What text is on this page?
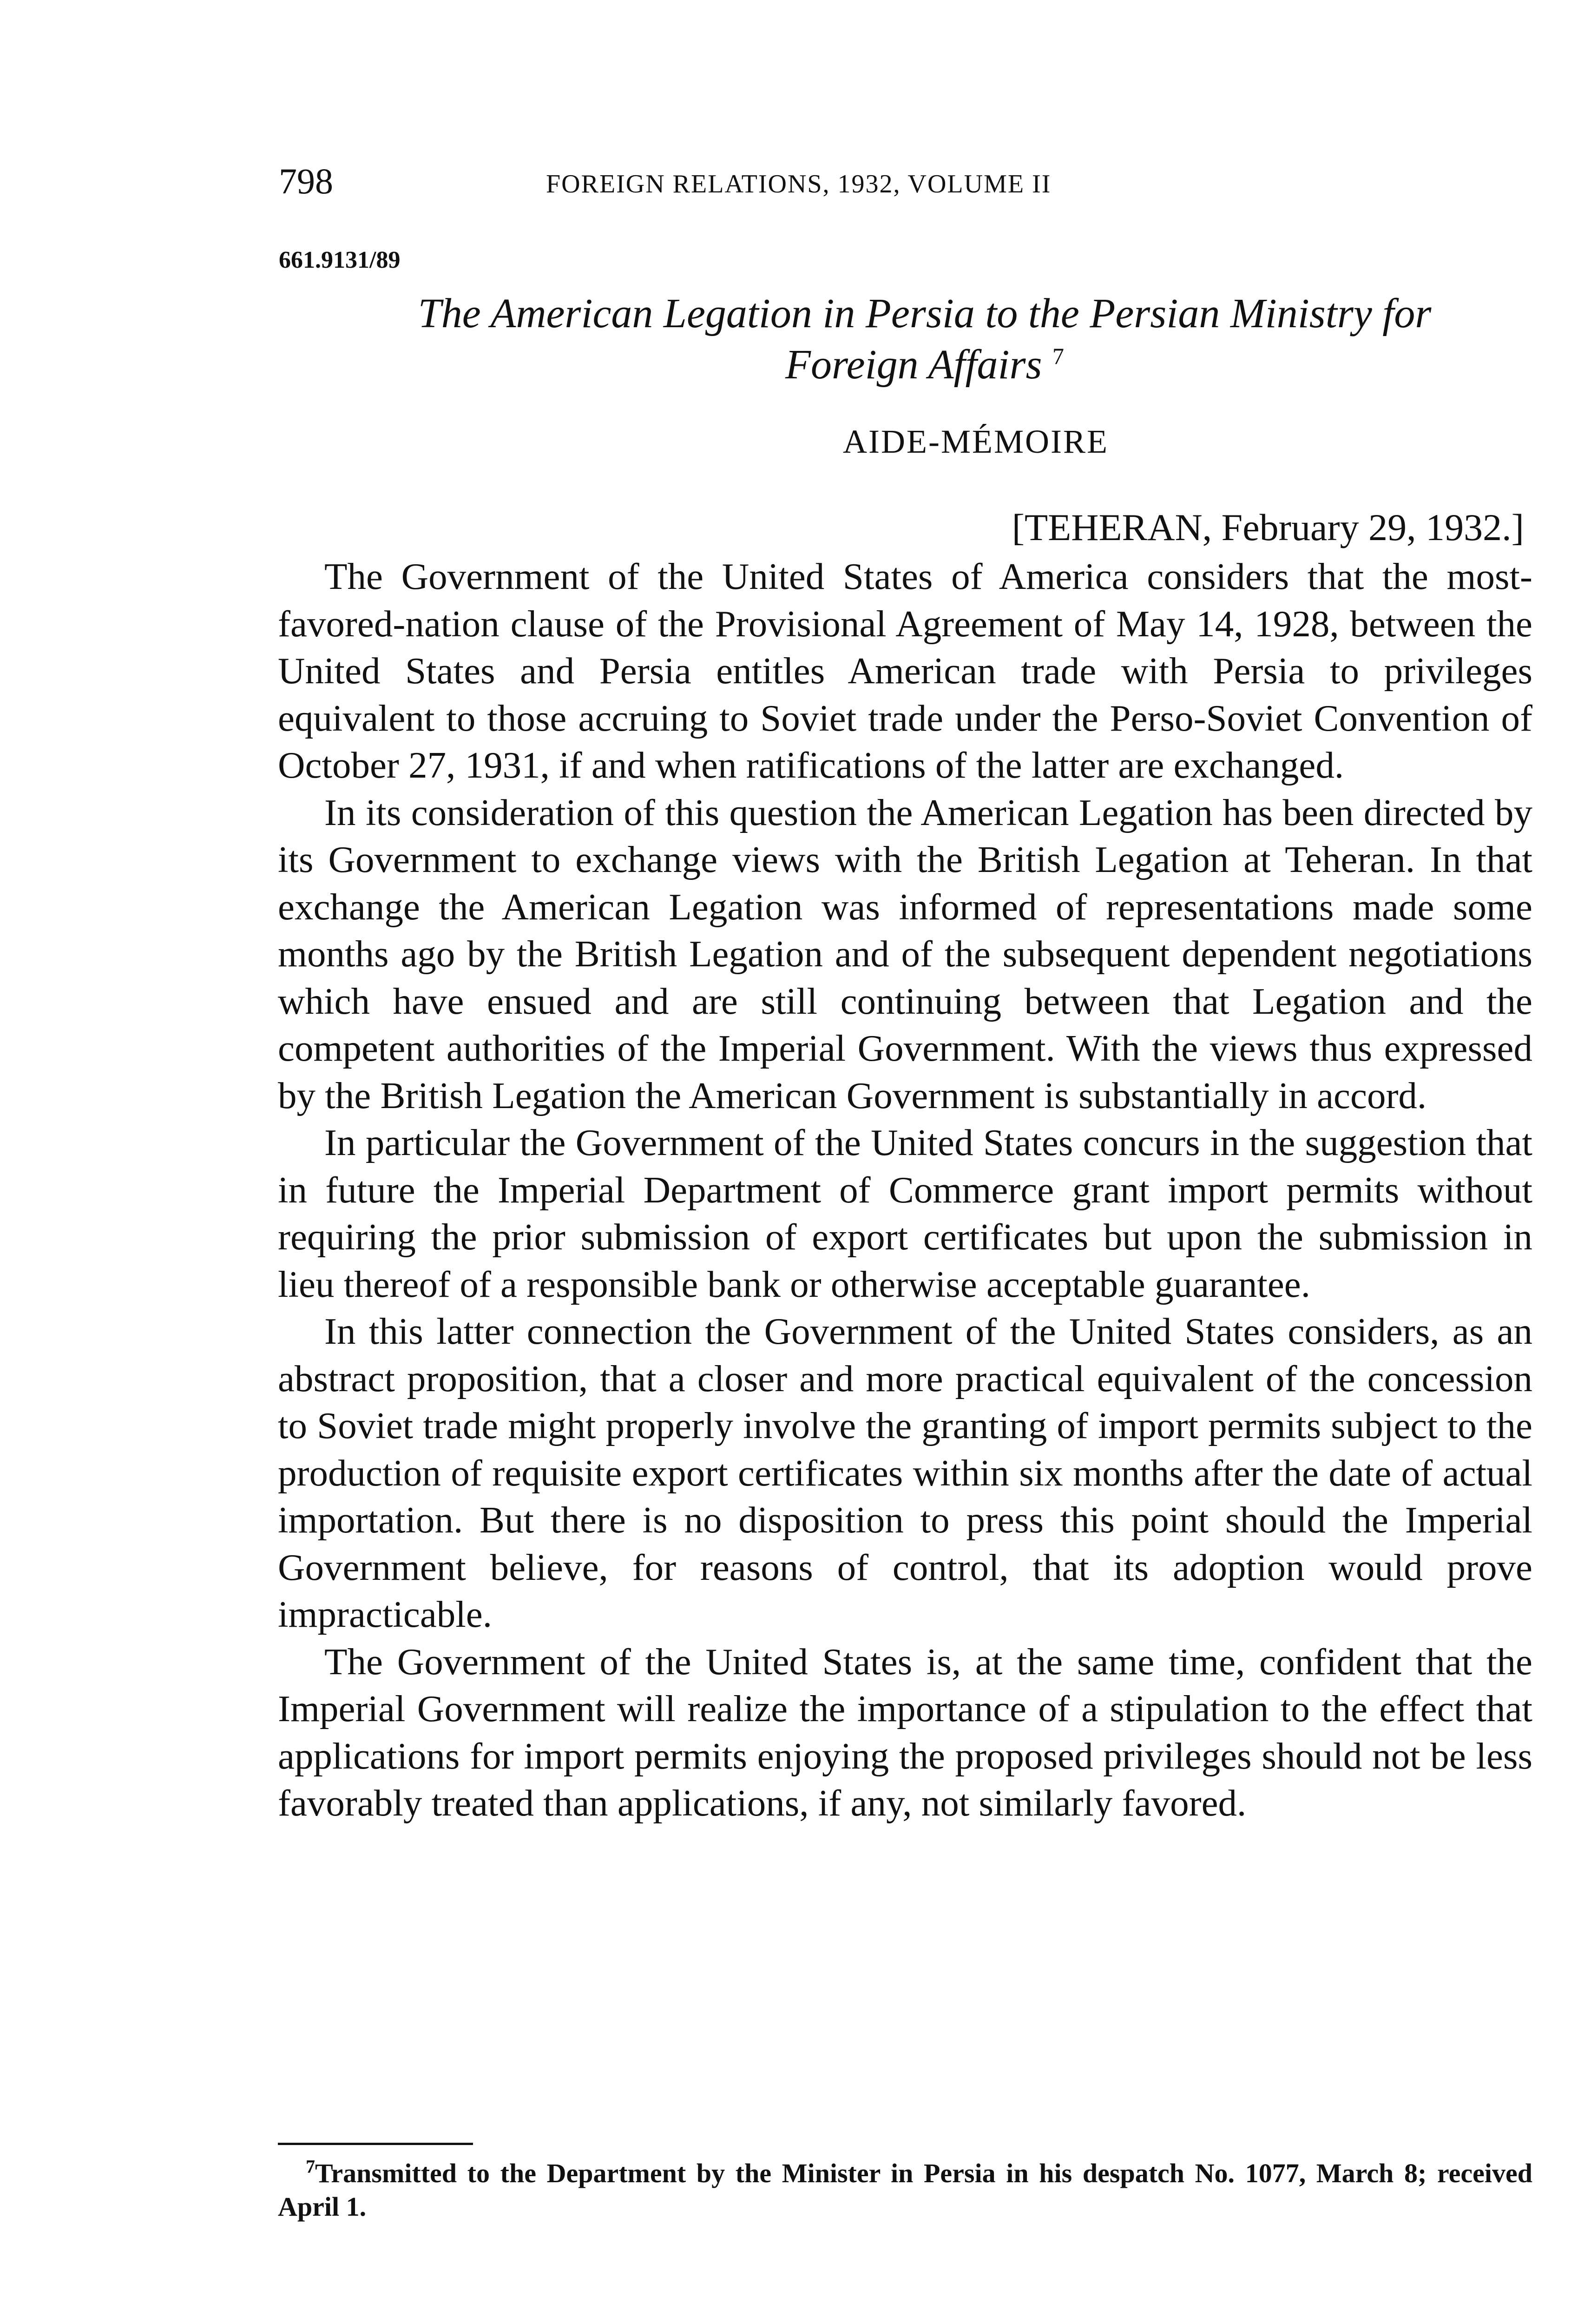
798	FOREIGN RELATIONS, 1932, VOLUME II
661.9131/89
The American Legation in Persia to the Persian Ministry for
Foreign Affairs $^7$
AIDE-MÉMOIRE
[TEHERAN, February 29, 1932.]

The Government of the United States of America considers that the most-favored-nation clause of the Provisional Agreement of May 14, 1928, between the United States and Persia entitles American trade with Persia to privileges equivalent to those accruing to Soviet trade under the Perso-Soviet Convention of October 27, 1931, if and when ratifications of the latter are exchanged.

In its consideration of this question the American Legation has been directed by its Government to exchange views with the British Legation at Teheran. In that exchange the American Legation was informed of representations made some months ago by the British Legation and of the subsequent dependent negotiations which have ensued and are still continuing between that Legation and the competent authorities of the Imperial Government. With the views thus expressed by the British Legation the American Government is substantially in accord.

In particular the Government of the United States concurs in the suggestion that in future the Imperial Department of Commerce grant import permits without requiring the prior submission of export certificates but upon the submission in lieu thereof of a responsible bank or otherwise acceptable guarantee.

In this latter connection the Government of the United States considers, as an abstract proposition, that a closer and more practical equivalent of the concession to Soviet trade might properly involve the granting of import permits subject to the production of requisite export certificates within six months after the date of actual importation. But there is no disposition to press this point should the Imperial Government believe, for reasons of control, that its adoption would prove impracticable.

The Government of the United States is, at the same time, confident that the Imperial Government will realize the importance of a stipulation to the effect that applications for import permits enjoying the proposed privileges should not be less favorably treated than applications, if any, not similarly favored.

$^7$Transmitted to the Department by the Minister in Persia in his despatch No. 1077, March 8; received April 1.
